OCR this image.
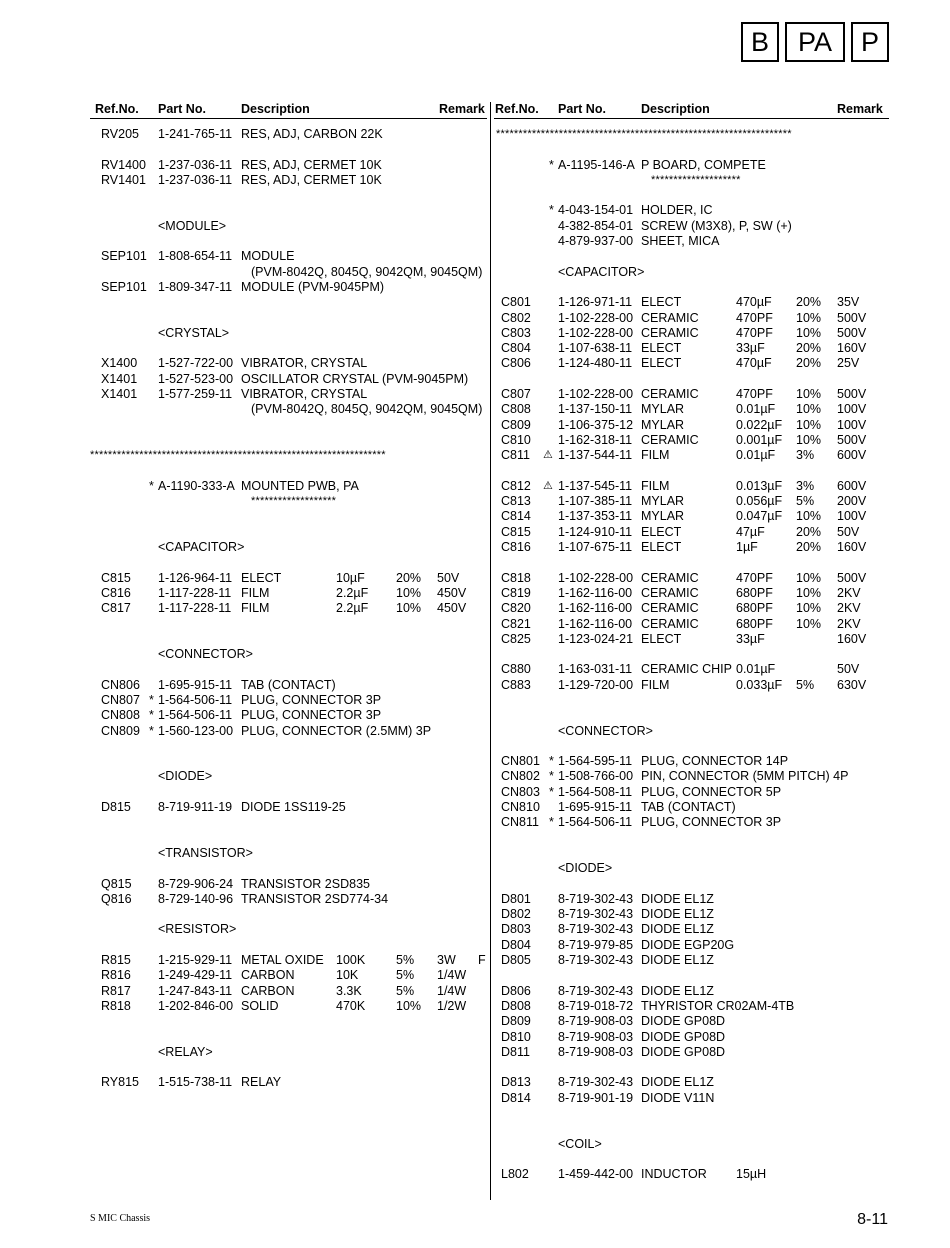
B	PA	P
Ref.No. Part No.	Description	Remark Ref.No. Part No.	Description	Remark
RV205 1-241-765-11 RES, ADJ, CARBON 22K
RV1400 1-237-036-11 RES, ADJ, CERMET 10K
RV1401 1-237-036-11 RES, ADJ, CERMET 10K
<MODULE>
SEP101 1-808-654-11 MODULE
(PVM-8042Q, 8045Q, 9042QM, 9045QM)
SEP101 1-809-347-11 MODULE (PVM-9045PM)
<CRYSTAL>
X1400 1-527-722-00 VIBRATOR, CRYSTAL
X1401 1-527-523-00 OSCILLATOR CRYSTAL (PVM-9045PM)
X1401 1-577-259-11 VIBRATOR, CRYSTAL
(PVM-8042Q, 8045Q, 9042QM, 9045QM)
******************************************************************
* A-1190-333-A MOUNTED PWB, PA
*******************
<CAPACITOR>
C815 1-126-964-11 ELECT	10µF	20% 50V
C816 1-117-228-11 FILM	2.2µF 10% 450V
C817 1-117-228-11 FILM	2.2µF 10% 450V
<CONNECTOR>
CN806 1-695-915-11 TAB (CONTACT)
CN807 * 1-564-506-11 PLUG, CONNECTOR 3P
CN808 * 1-564-506-11 PLUG, CONNECTOR 3P
CN809 * 1-560-123-00 PLUG, CONNECTOR (2.5MM) 3P
<DIODE>
D815 8-719-911-19 DIODE 1SS119-25
<TRANSISTOR>
Q815 8-729-906-24 TRANSISTOR 2SD835
Q816 8-729-140-96 TRANSISTOR 2SD774-34
<RESISTOR>
R815 1-215-929-11 METAL OXIDE 100K 5% 3W F
R816 1-249-429-11 CARBON	10K	5% 1/4W
R817 1-247-843-11 CARBON	3.3K	5% 1/4W
R818 1-202-846-00 SOLID	470K 10% 1/2W
<RELAY>
RY815 1-515-738-11 RELAY
******************************************************************
* A-1195-146-A P BOARD, COMPETE
********************
* 4-043-154-01 HOLDER, IC
4-382-854-01 SCREW (M3X8), P, SW (+)
4-879-937-00 SHEET, MICA
<CAPACITOR>
C801 1-126-971-11 ELECT	470µF 20% 35V
C802 1-102-228-00 CERAMIC	470PF 10% 500V
C803 1-102-228-00 CERAMIC	470PF 10% 500V
C804 1-107-638-11 ELECT	33µF	20% 160V
C806 1-124-480-11 ELECT	470µF 20% 25V
C807 1-102-228-00 CERAMIC	470PF 10% 500V
C808 1-137-150-11 MYLAR	0.01µF 10% 100V
C809 1-106-375-12 MYLAR	0.022µF 10% 100V
C810 1-162-318-11 CERAMIC	0.001µF 10% 500V
C811 ⚠ 1-137-544-11 FILM	0.01µF 3% 600V
C812 ⚠ 1-137-545-11 FILM	0.013µF 3% 600V
C813 1-107-385-11 MYLAR	0.056µF 5% 200V
C814 1-137-353-11 MYLAR	0.047µF 10% 100V
C815 1-124-910-11 ELECT	47µF	20% 50V
C816 1-107-675-11 ELECT	1µF	20% 160V
C818 1-102-228-00 CERAMIC	470PF 10% 500V
C819 1-162-116-00 CERAMIC	680PF 10% 2KV
C820 1-162-116-00 CERAMIC	680PF 10% 2KV
C821 1-162-116-00 CERAMIC	680PF 10% 2KV
C825 1-123-024-21 ELECT	33µF	160V
C880 1-163-031-11 CERAMIC CHIP 0.01µF	50V
C883 1-129-720-00 FILM	0.033µF 5% 630V
<CONNECTOR>
CN801 * 1-564-595-11 PLUG, CONNECTOR 14P
CN802 * 1-508-766-00 PIN, CONNECTOR (5MM PITCH) 4P
CN803 * 1-564-508-11 PLUG, CONNECTOR 5P
CN810 1-695-915-11 TAB (CONTACT)
CN811 * 1-564-506-11 PLUG, CONNECTOR 3P
<DIODE>
D801 8-719-302-43 DIODE EL1Z
D802 8-719-302-43 DIODE EL1Z
D803 8-719-302-43 DIODE EL1Z
D804 8-719-979-85 DIODE EGP20G
D805 8-719-302-43 DIODE EL1Z
D806 8-719-302-43 DIODE EL1Z
D808 8-719-018-72 THYRISTOR CR02AM-4TB
D809 8-719-908-03 DIODE GP08D
D810 8-719-908-03 DIODE GP08D
D811 8-719-908-03 DIODE GP08D
D813 8-719-302-43 DIODE EL1Z
D814 8-719-901-19 DIODE V11N
<COIL>
L802 1-459-442-00 INDUCTOR 15µH
S MIC Chassis	8-11
